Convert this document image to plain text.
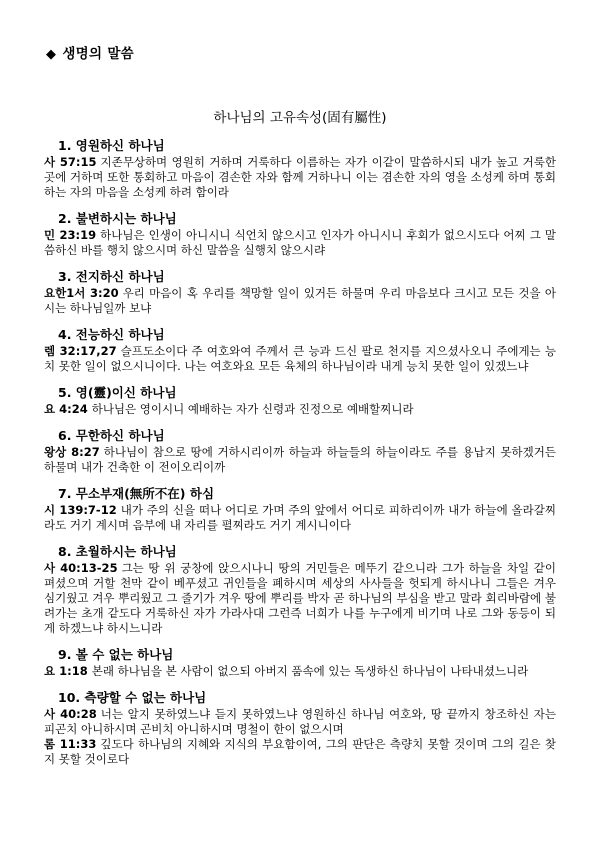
◆ 생명의 말씀
하나님의 고유속성(固有屬性)
1. 영원하신 하나님

사 57:15 지존무상하며 영원히 거하며 거룩하다 이름하는 자가 이같이 말씀하시되 내가 높고 거룩한 곳에 거하며 또한 통회하고 마음이 겸손한 자와 함께 거하나니 이는 겸손한 자의 영을 소성케 하며 통회하는 자의 마음을 소성케 하려 함이라

2. 불변하시는 하나님

민 23:19 하나님은 인생이 아니시니 식언치 않으시고 인자가 아니시니 후회가 없으시도다 어찌 그 말씀하신 바를 행치 않으시며 하신 말씀을 실행치 않으시랴

3. 전지하신 하나님

요한1서 3:20 우리 마음이 혹 우리를 책망할 일이 있거든 하물며 우리 마음보다 크시고 모든 것을 아시는 하나님일까 보냐

4. 전능하신 하나님

렘 32:17,27 슬프도소이다 주 여호와여 주께서 큰 능과 드신 팔로 천지를 지으셨사오니 주에게는 능치 못한 일이 없으시니이다. 나는 여호와요 모든 육체의 하나님이라 내게 능치 못한 일이 있겠느냐

5. 영(靈)이신 하나님

요 4:24 하나님은 영이시니 예배하는 자가 신령과 진정으로 예배할찌니라

6. 무한하신 하나님

왕상 8:27 하나님이 참으로 땅에 거하시리이까 하늘과 하늘들의 하늘이라도 주를 용납지 못하겠거든 하물며 내가 건축한 이 전이오리이까

7. 무소부재(無所不在) 하심

시 139:7-12 내가 주의 신을 떠나 어디로 가며 주의 앞에서 어디로 피하리이까 내가 하늘에 올라갈찌라도 거기 계시며 음부에 내 자리를 펼찌라도 거기 계시니이다

8. 초월하시는 하나님

사 40:13-25 그는 땅 위 궁창에 앉으시나니 땅의 거민들은 메뚜기 같으니라 그가 하늘을 차일 같이 펴셨으며 거할 천막 같이 베푸셨고 귀인들을 폐하시며 세상의 사사들을 헛되게 하시나니 그들은 겨우 심기웠고 겨우 뿌리웠고 그 줄기가 겨우 땅에 뿌리를 박자 곧 하나님의 부심을 받고 말라 회리바람에 불려가는 초개 같도다 거룩하신 자가 가라사대 그런즉 너희가 나를 누구에게 비기며 나로 그와 동등이 되게 하겠느냐 하시느니라

9. 볼 수 없는 하나님

요 1:18 본래 하나님을 본 사람이 없으되 아버지 품속에 있는 독생하신 하나님이 나타내셨느니라

10. 측량할 수 없는 하나님

사 40:28 너는 알지 못하였느냐 듣지 못하였느냐 영원하신 하나님 여호와, 땅 끝까지 창조하신 자는 피곤치 아니하시며 곤비치 아니하시며 명철이 한이 없으시며

롬 11:33 깊도다 하나님의 지혜와 지식의 부요함이여, 그의 판단은 측량치 못할 것이며 그의 길은 찾지 못할 것이로다
